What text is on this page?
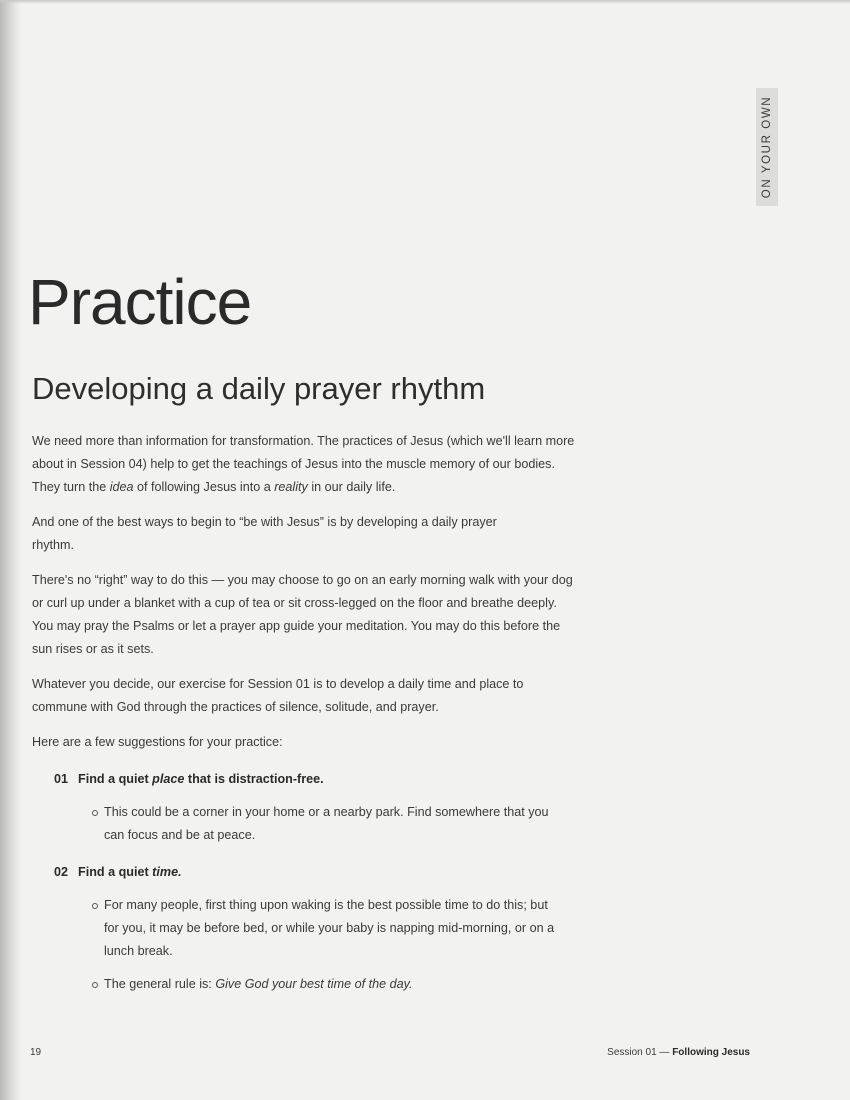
ON YOUR OWN
Practice
Developing a daily prayer rhythm

We need more than information for transformation. The practices of Jesus (which we'll learn more about in Session 04) help to get the teachings of Jesus into the muscle memory of our bodies. They turn the idea of following Jesus into a reality in our daily life.

And one of the best ways to begin to “be with Jesus” is by developing a daily prayer rhythm.

There's no “right” way to do this — you may choose to go on an early morning walk with your dog or curl up under a blanket with a cup of tea or sit cross-legged on the floor and breathe deeply. You may pray the Psalms or let a prayer app guide your meditation. You may do this before the sun rises or as it sets.

Whatever you decide, our exercise for Session 01 is to develop a daily time and place to commune with God through the practices of silence, solitude, and prayer.

Here are a few suggestions for your practice:

01 Find a quiet place that is distraction-free.
This could be a corner in your home or a nearby park. Find somewhere that you can focus and be at peace.
02 Find a quiet time.
For many people, first thing upon waking is the best possible time to do this; but for you, it may be before bed, or while your baby is napping mid-morning, or on a lunch break.
The general rule is: Give God your best time of the day.
19	Session 01 — Following Jesus
